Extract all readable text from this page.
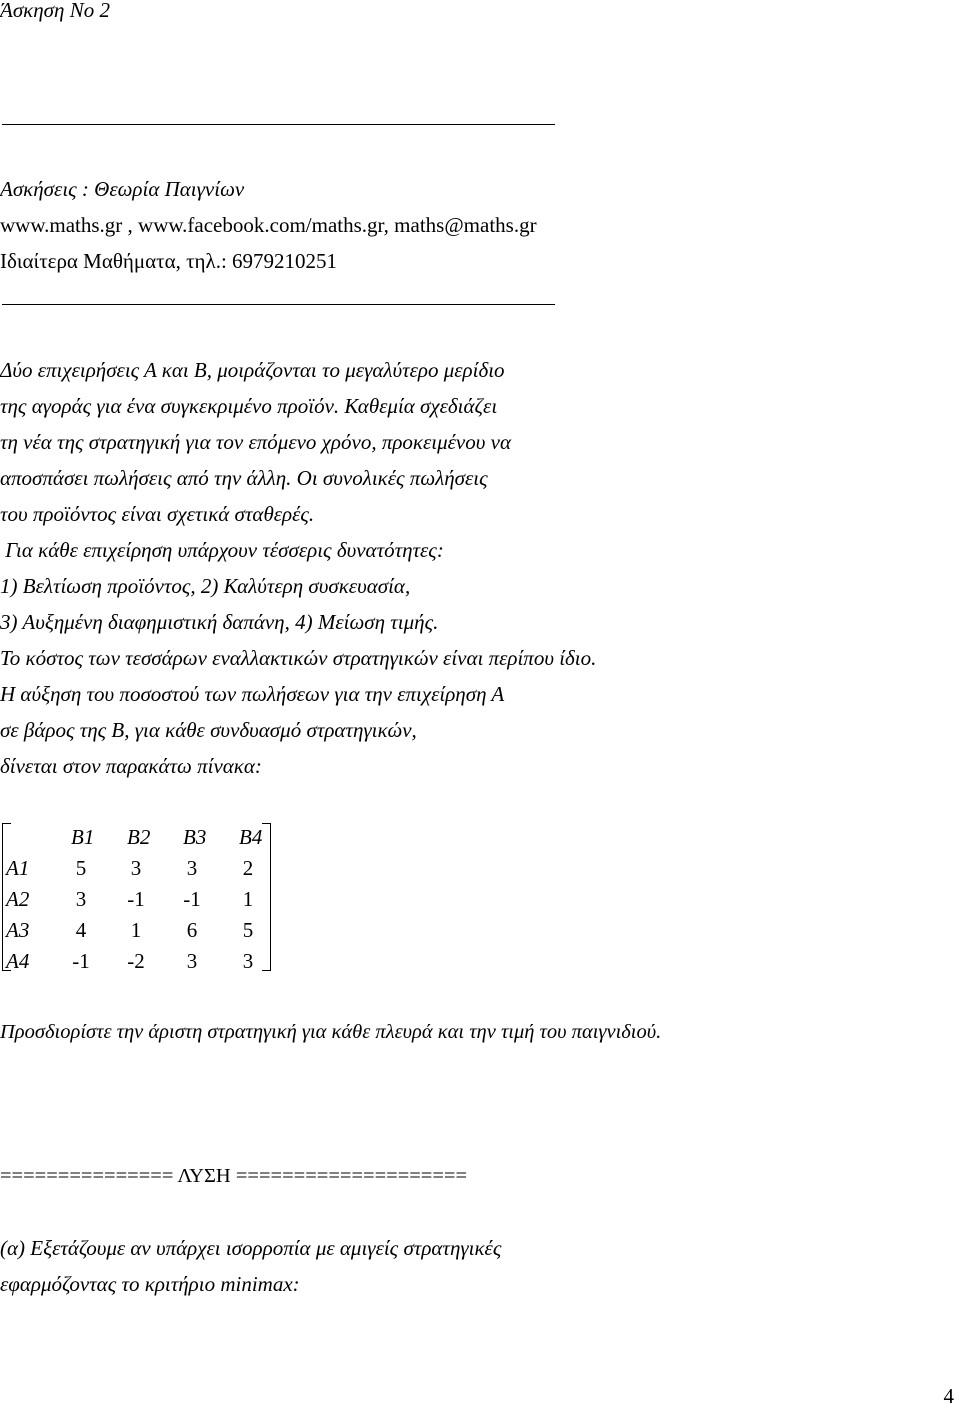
Άσκηση Νο 2
Ασκήσεις : Θεωρία Παιγνίων
www.maths.gr , www.facebook.com/maths.gr, maths@maths.gr
Ιδιαίτερα Μαθήματα, τηλ.: 6979210251
Δύο επιχειρήσεις Α και Β, μοιράζονται το μεγαλύτερο μερίδιο
της αγοράς για ένα συγκεκριμένο προϊόν. Καθεμία σχεδιάζει
τη νέα της στρατηγική για τον επόμενο χρόνο, προκειμένου να
αποσπάσει πωλήσεις από την άλλη. Οι συνολικές πωλήσεις
του προϊόντος είναι σχετικά σταθερές.
Για κάθε επιχείρηση υπάρχουν τέσσερις δυνατότητες:
1) Βελτίωση προϊόντος, 2) Καλύτερη συσκευασία,
3) Αυξημένη διαφημιστική δαπάνη, 4) Μείωση τιμής.
Το κόστος των τεσσάρων εναλλακτικών στρατηγικών είναι περίπου ίδιο.
Η αύξηση του ποσοστού των πωλήσεων για την επιχείρηση Α
σε βάρος της Β, για κάθε συνδυασμό στρατηγικών,
δίνεται στον παρακάτω πίνακα:
Β1 Β2 Β3 Β4
Α1	5	3	3	2
Α2	3	-1	-1	1
Α3	4	1	6	5
Α4	-1	-2	3	3
Προσδιορίστε την άριστη στρατηγική για κάθε πλευρά και την τιμή του παιγνιδιού.
=============== ΛΥΣΗ ====================
(α) Εξετάζουμε αν υπάρχει ισορροπία με αμιγείς στρατηγικές
εφαρμόζοντας το κριτήριο minimax:
4
